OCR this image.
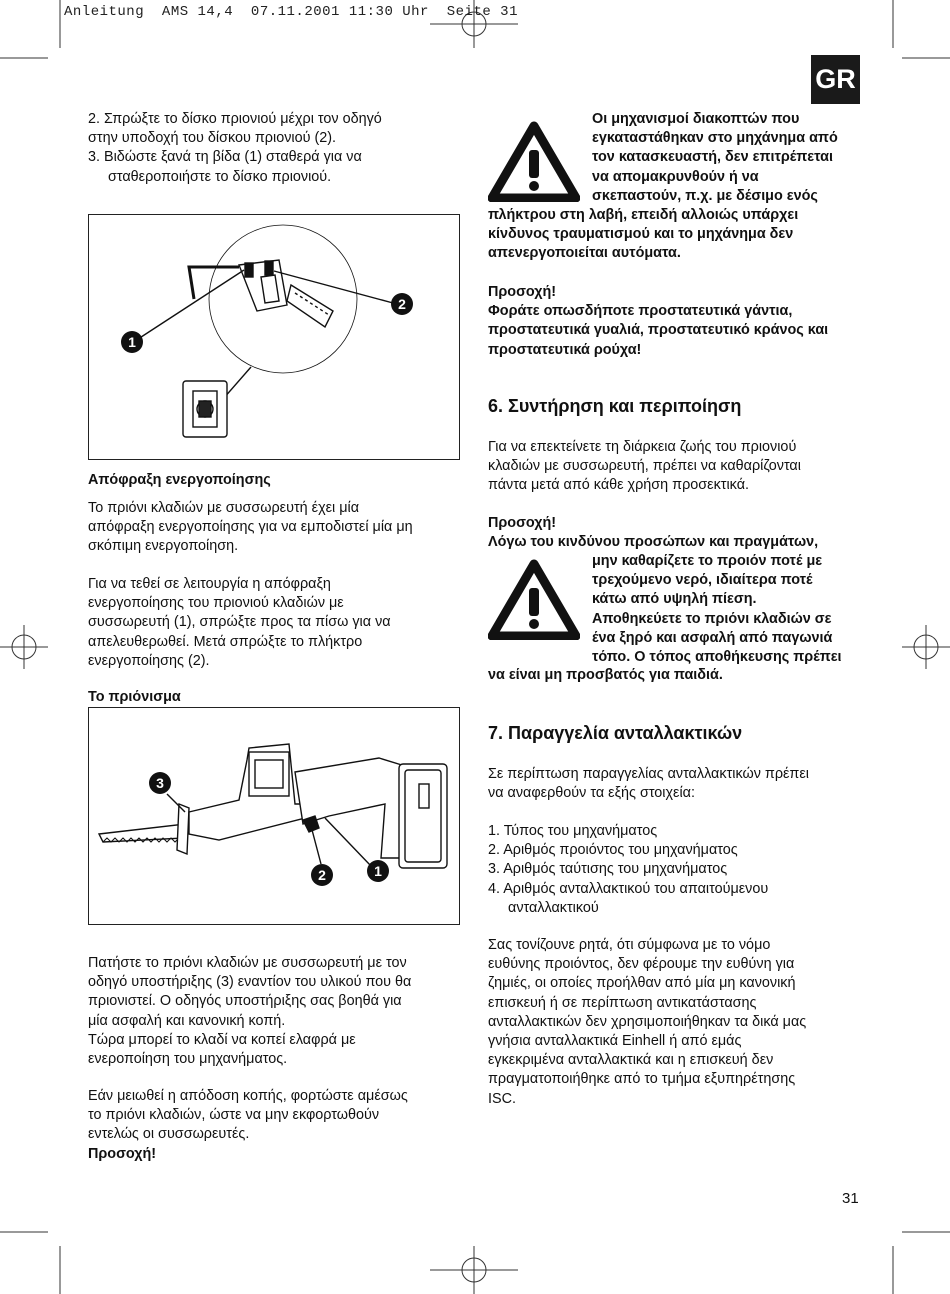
Anleitung  AMS 14,4  07.11.2001 11:30 Uhr  Seite 31
GR

2. Σπρώξτε το δίσκο πριονιού μέχρι τον οδηγό

στην υποδοχή του δίσκου πριονιού (2).

3. Βιδώστε ξανά τη βίδα (1) σταθερά για να

σταθεροποιήστε το δίσκο πριονιού.

1
2
Απόφραξη ενεργοποίησης

Το πριόνι κλαδιών με συσσωρευτή έχει μία

απόφραξη ενεργοποίησης για να εμποδιστεί μία μη

σκόπιμη ενεργοποίηση.

Για να τεθεί σε λειτουργία η απόφραξη

ενεργοποίησης του πριονιού κλαδιών με

συσσωρευτή (1), σπρώξτε προς τα πίσω για να

απελευθερωθεί. Μετά σπρώξτε το πλήκτρο

ενεργοποίησης (2).

Το πριόνισμα
3
2	1

Πατήστε το πριόνι κλαδιών με συσσωρευτή με τον

οδηγό υποστήριξης (3) εναντίον του υλικού που θα

πριονιστεί. Ο οδηγός υποστήριξης σας βοηθά για

μία ασφαλή και κανονική κοπή.

Τώρα μπορεί το κλαδί να κοπεί ελαφρά με

ενεροποίηση του μηχανήματος.

Εάν μειωθεί η απόδοση κοπής, φορτώστε αμέσως

το πριόνι κλαδιών, ώστε να μην εκφορτωθούν

εντελώς οι συσσωρευτές.

Προσοχή!

Οι μηχανισμοί διακοπτών που

εγκαταστάθηκαν στο μηχάνημα από

τον κατασκευαστή, δεν επιτρέπεται

να απομακρυνθούν ή να

σκεπαστούν, π.χ. με δέσιμο ενός

πλήκτρου στη λαβή, επειδή αλλοιώς υπάρχει

κίνδυνος τραυματισμού και το μηχάνημα δεν

απενεργοποιείται αυτόματα.

Προσοχή!

Φοράτε οπωσδήποτε προστατευτικά γάντια,

προστατευτικά γυαλιά, προστατευτικό κράνος και

προστατευτικά ρούχα!

6. Συντήρηση και περιποίηση

Για να επεκτείνετε τη διάρκεια ζωής του πριονιού

κλαδιών με συσσωρευτή, πρέπει να καθαρίζονται

πάντα μετά από κάθε χρήση προσεκτικά.

Προσοχή!

Λόγω του κινδύνου προσώπων και πραγμάτων,

μην καθαρίζετε το προιόν ποτέ με

τρεχούμενο νερό, ιδιαίτερα ποτέ

κάτω από υψηλή πίεση.

Αποθηκεύετε το πριόνι κλαδιών σε

ένα ξηρό και ασφαλή από παγωνιά

τόπο. Ο τόπος αποθήκευσης πρέπει

να είναι μη προσβατός για παιδιά.
7. Παραγγελία ανταλλακτικών

Σε περίπτωση παραγγελίας ανταλλακτικών πρέπει

να αναφερθούν τα εξής στοιχεία:

1. Τύπος του μηχανήματος

2. Αριθμός προιόντος του μηχανήματος

3. Αριθμός ταύτισης του μηχανήματος

4. Αριθμός ανταλλακτικού του απαιτούμενου

ανταλλακτικού

Σας τονίζουνε ρητά, ότι σύμφωνα με το νόμο

ευθύνης προιόντος, δεν φέρουμε την ευθύνη για

ζημιές, οι οποίες προήλθαν από μία μη κανονική

επισκευή ή σε περίπτωση αντικατάστασης

ανταλλακτικών δεν χρησιμοποιήθηκαν τα δικά μας

γνήσια ανταλλακτικά Einhell ή από εμάς

εγκεκριμένα ανταλλακτικά και η επισκευή δεν

πραγματοποιήθηκε από το τμήμα εξυπηρέτησης

ISC.

31
